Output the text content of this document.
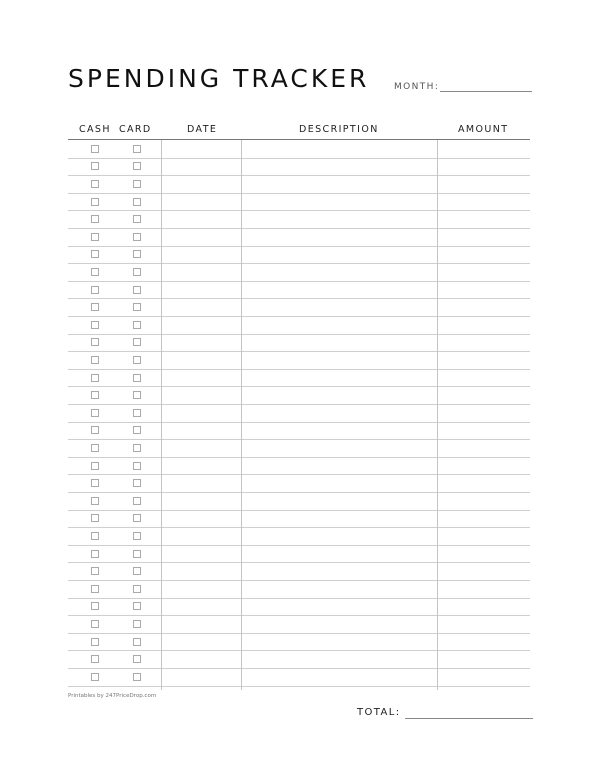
SPENDING TRACKER	MONTH:
CASH CARD	DATE	DESCRIPTION	AMOUNT
Printables by 247PriceDrop.com
TOTAL:
